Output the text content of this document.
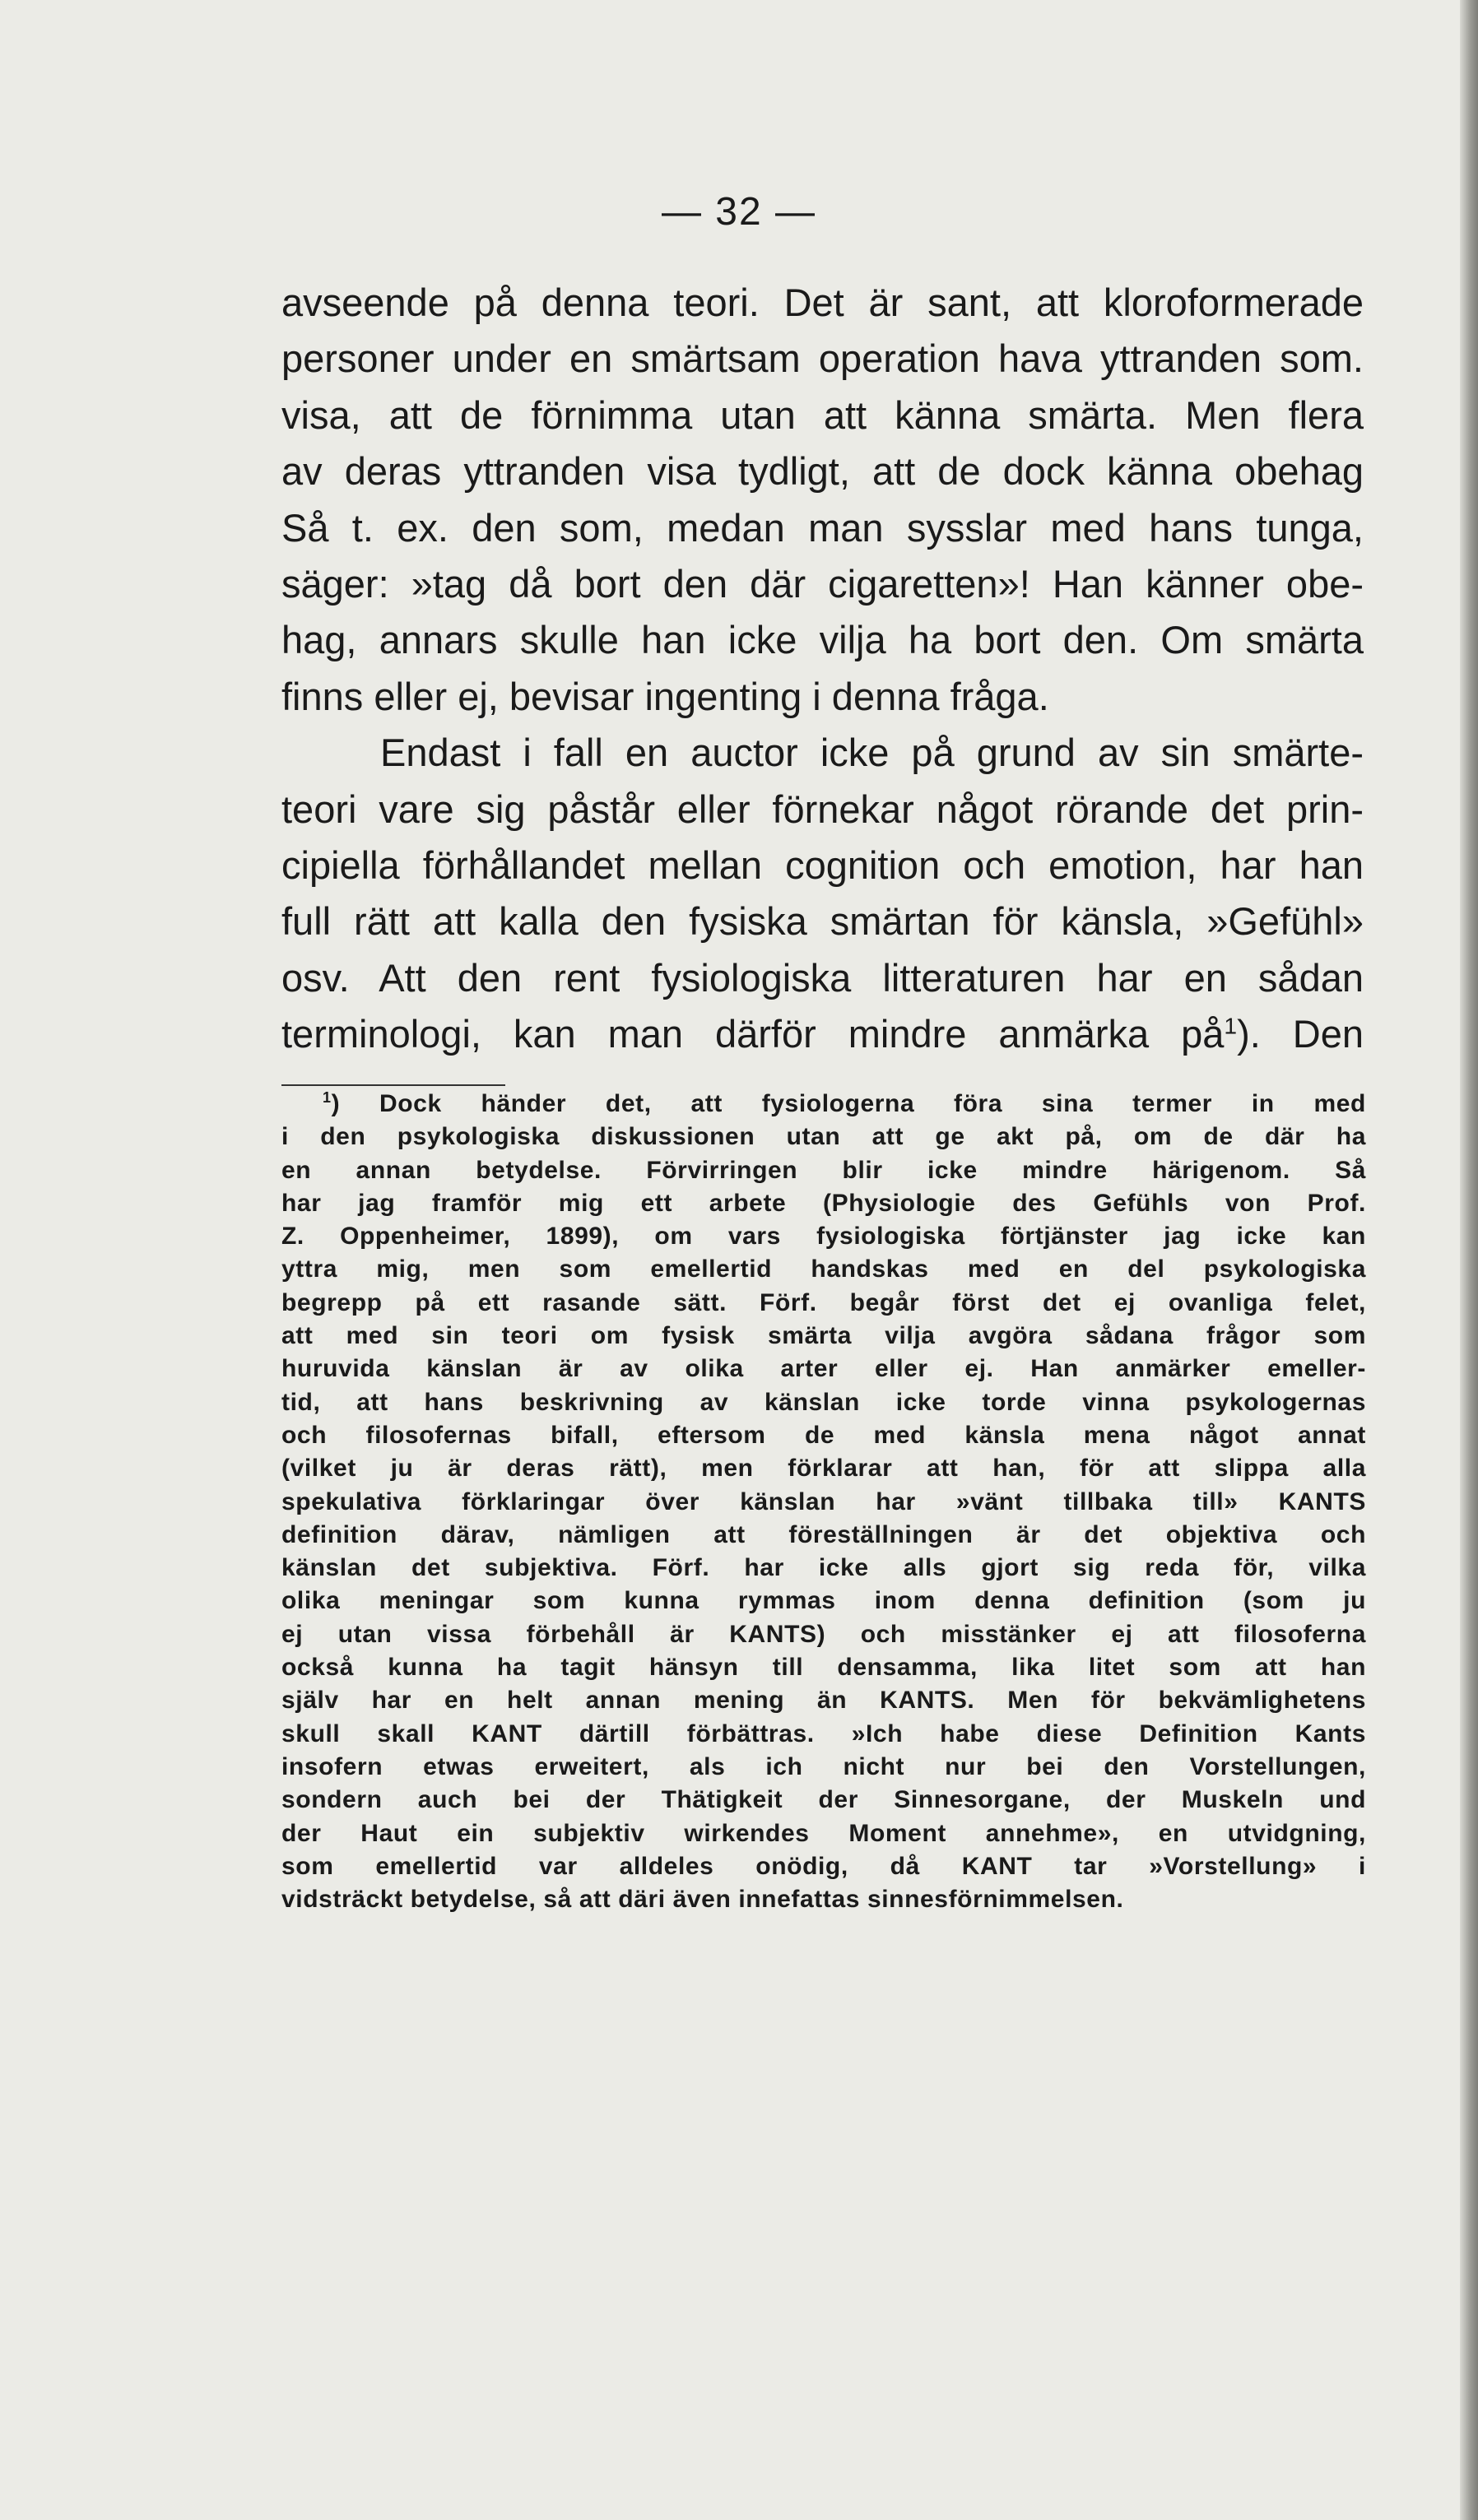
— 32 —
avseende på denna teori. Det är sant, att kloroformerade
personer under en smärtsam operation hava yttranden som.
visa, att de förnimma utan att känna smärta. Men flera
av deras yttranden visa tydligt, att de dock känna obehag
Så t. ex. den som, medan man sysslar med hans tunga,
säger: »tag då bort den där cigaretten»! Han känner obe-
hag, annars skulle han icke vilja ha bort den. Om smärta
finns eller ej, bevisar ingenting i denna fråga.
Endast i fall en auctor icke på grund av sin smärte-
teori vare sig påstår eller förnekar något rörande det prin-
cipiella förhållandet mellan cognition och emotion, har han
full rätt att kalla den fysiska smärtan för känsla, »Gefühl»
osv. Att den rent fysiologiska litteraturen har en sådan
terminologi, kan man därför mindre anmärka $på^1$). Den
$^1$) Dock händer det, att fysiologerna föra sina termer in med
i den psykologiska diskussionen utan att ge akt på, om de där ha
en annan betydelse. Förvirringen blir icke mindre härigenom. Så
har jag framför mig ett arbete (Physiologie des Gefühls von Prof.
Z. Oppenheimer, 1899), om vars fysiologiska förtjänster jag icke kan
yttra mig, men som emellertid handskas med en del psykologiska
begrepp på ett rasande sätt. Förf. begår först det ej ovanliga felet,
att med sin teori om fysisk smärta vilja avgöra sådana frågor som
huruvida känslan är av olika arter eller ej. Han anmärker emeller-
tid, att hans beskrivning av känslan icke torde vinna psykologernas
och filosofernas bifall, eftersom de med känsla mena något annat
(vilket ju är deras rätt), men förklarar att han, för att slippa alla
spekulativa förklaringar över känslan har »vänt tillbaka till» KANTS
definition därav, nämligen att föreställningen är det objektiva och
känslan det subjektiva. Förf. har icke alls gjort sig reda för, vilka
olika meningar som kunna rymmas inom denna definition (som ju
ej utan vissa förbehåll är KANTS) och misstänker ej att filosoferna
också kunna ha tagit hänsyn till densamma, lika litet som att han
själv har en helt annan mening än KANTS. Men för bekvämlighetens
skull skall KANT därtill förbättras. »Ich habe diese Definition Kants
insofern etwas erweitert, als ich nicht nur bei den Vorstellungen,
sondern auch bei der Thätigkeit der Sinnesorgane, der Muskeln und
der Haut ein subjektiv wirkendes Moment annehme», en utvidgning,
som emellertid var alldeles onödig, då KANT tar »Vorstellung» i
vidsträckt betydelse, så att däri även innefattas sinnesförnimmelsen.
